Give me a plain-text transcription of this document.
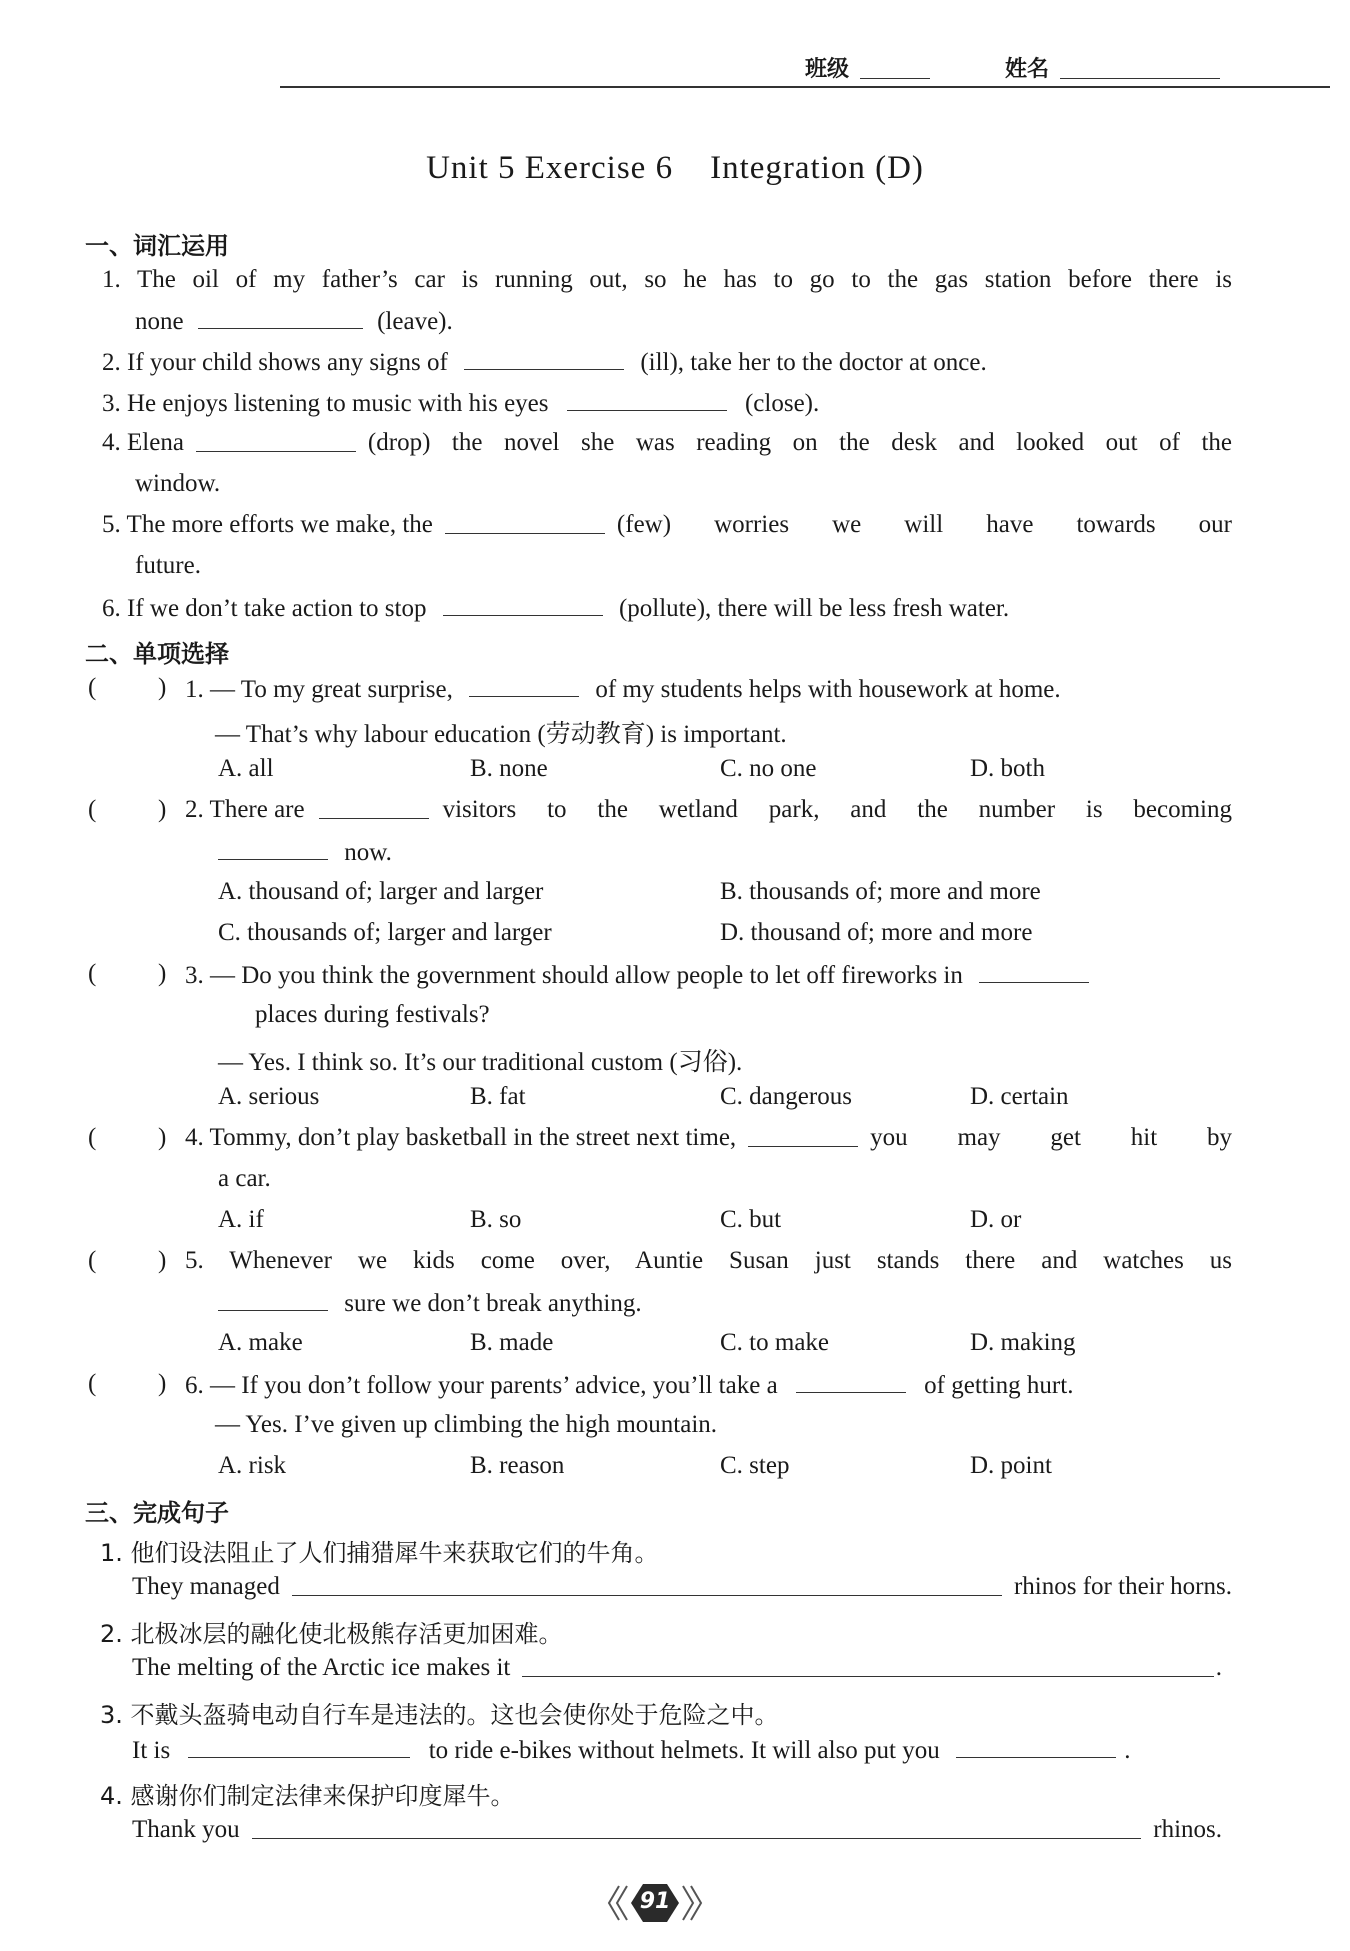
班级	姓名
Unit 5 Exercise 6    Integration (D)
一、词汇运用
1. The oil of my father’s car is running out, so he has to go to the gas station before there is
none	(leave).
2. If your child shows any signs of	(ill), take her to the doctor at once.
3. He enjoys listening to music with his eyes	(close).
4. Elena	(drop) the novel she was reading on the desk and looked out of the
window.
5. The more efforts we make, the	(few) worries we will have towards our
future.
6. If we don’t take action to stop	(pollute), there will be less fresh water.
二、单项选择
( ) 1. — To my great surprise,	of my students helps with housework at home.
— That’s why labour education (劳动教育) is important.
A. all	B. none	C. no one	D. both
( ) 2. There are	visitors to the wetland park, and the number is becoming
now.
A. thousand of; larger and larger	B. thousands of; more and more
C. thousands of; larger and larger	D. thousand of; more and more
( ) 3. — Do you think the government should allow people to let off fireworks in
places during festivals?
— Yes. I think so. It’s our traditional custom (习俗).
A. serious	B. fat	C. dangerous	D. certain
( ) 4. Tommy, don’t play basketball in the street next time,	you may get hit by
a car.
A. if	B. so	C. but	D. or
( ) 5. Whenever we kids come over, Auntie Susan just stands there and watches us
sure we don’t break anything.
A. make	B. made	C. to make	D. making
( ) 6. — If you don’t follow your parents’ advice, you’ll take a	of getting hurt.
— Yes. I’ve given up climbing the high mountain.
A. risk	B. reason	C. step	D. point
三、完成句子
1. 他们设法阻止了人们捕猎犀牛来获取它们的牛角。
They managed	rhinos for their horns.
2. 北极冰层的融化使北极熊存活更加困难。
The melting of the Arctic ice makes it	.
3. 不戴头盔骑电动自行车是违法的。这也会使你处于危险之中。
It is	to ride e-bikes without helmets. It will also put you	.
4. 感谢你们制定法律来保护印度犀牛。
Thank you	rhinos.
91
